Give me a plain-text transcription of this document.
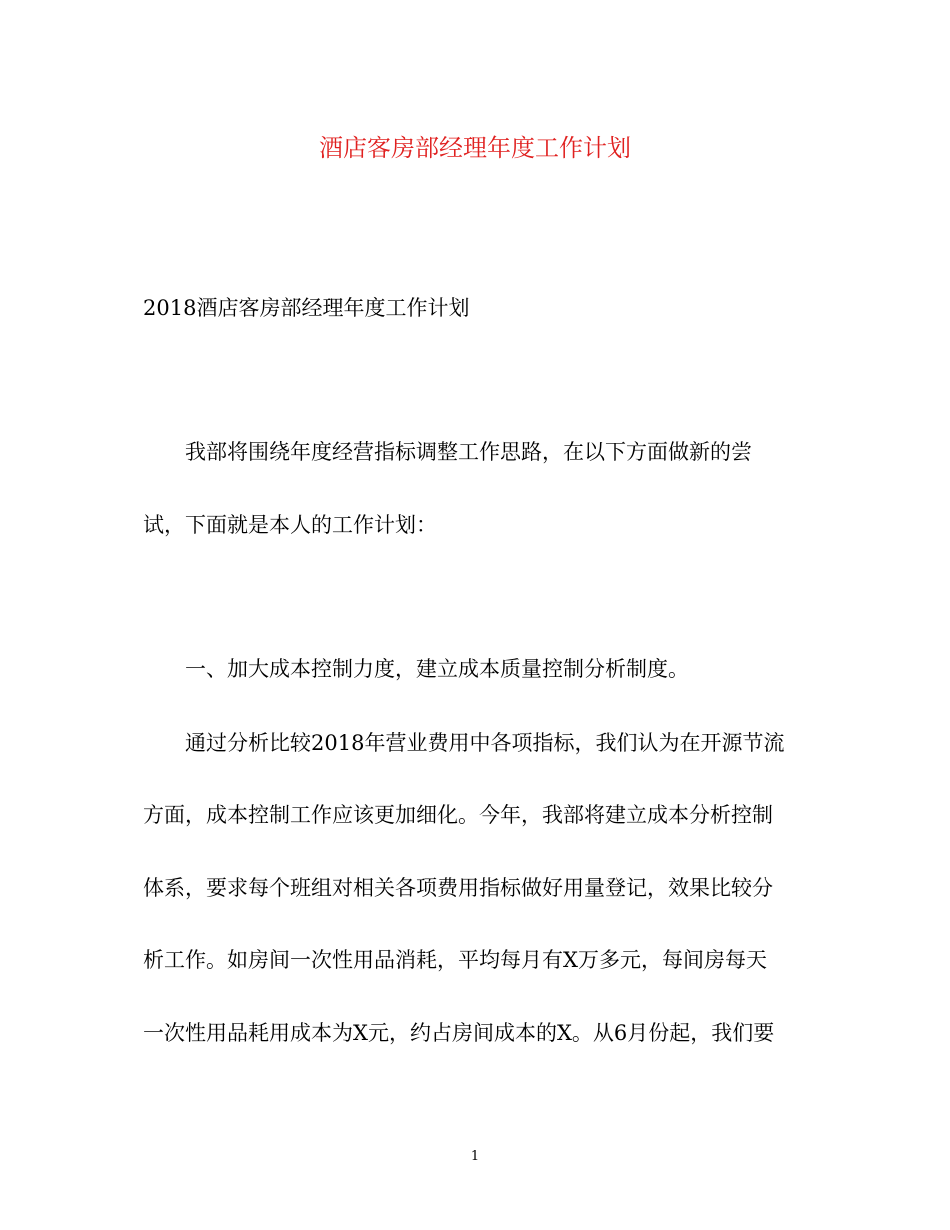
酒店客房部经理年度工作计划
2018酒店客房部经理年度工作计划
我部将围绕年度经营指标调整工作思路，在以下方面做新的尝
试，下面就是本人的工作计划：
一、加大成本控制力度，建立成本质量控制分析制度。
通过分析比较2018年营业费用中各项指标，我们认为在开源节流
方面，成本控制工作应该更加细化。今年，我部将建立成本分析控制
体系，要求每个班组对相关各项费用指标做好用量登记，效果比较分
析工作。如房间一次性用品消耗，平均每月有X万多元，每间房每天
一次性用品耗用成本为X元，约占房间成本的X。从6月份起，我们要
1
